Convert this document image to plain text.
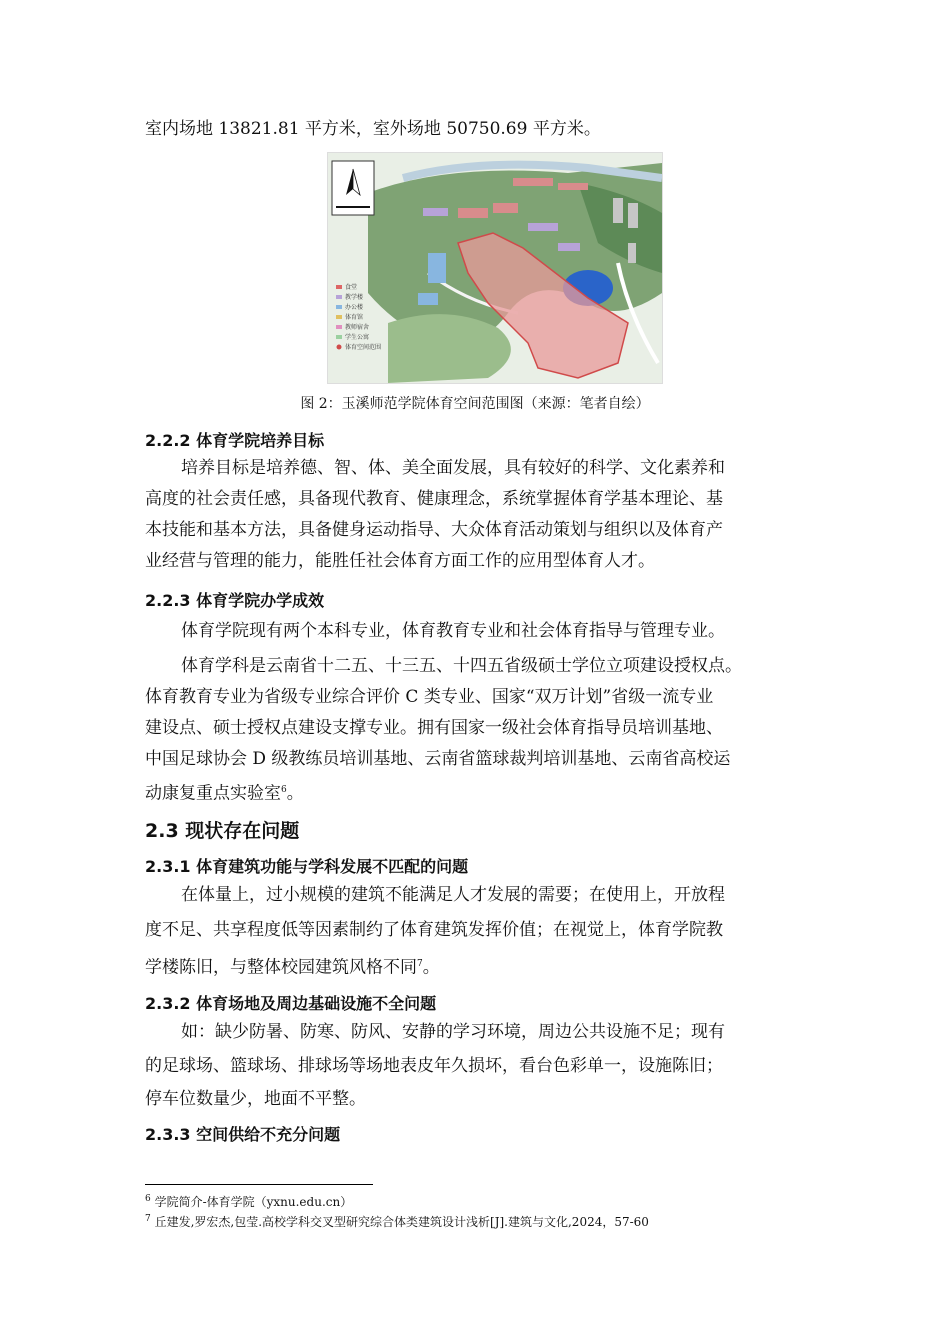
室内场地 13821.81 平方米，室外场地 50750.69 平方米。
食堂
教学楼
办公楼
体育馆
教师宿舍
学生公寓
体育空间范围
图 2：玉溪师范学院体育空间范围图（来源：笔者自绘）
2.2.2 体育学院培养目标
培养目标是培养德、智、体、美全面发展，具有较好的科学、文化素养和
高度的社会责任感，具备现代教育、健康理念，系统掌握体育学基本理论、基
本技能和基本方法，具备健身运动指导、大众体育活动策划与组织以及体育产
业经营与管理的能力，能胜任社会体育方面工作的应用型体育人才。
2.2.3 体育学院办学成效
体育学院现有两个本科专业，体育教育专业和社会体育指导与管理专业。
体育学科是云南省十二五、十三五、十四五省级硕士学位立项建设授权点。
体育教育专业为省级专业综合评价 C 类专业、国家“双万计划”省级一流专业
建设点、硕士授权点建设支撑专业。拥有国家一级社会体育指导员培训基地、
中国足球协会 D 级教练员培训基地、云南省篮球裁判培训基地、云南省高校运
动康复重点实验室$^6$。
2.3 现状存在问题
2.3.1 体育建筑功能与学科发展不匹配的问题
在体量上，过小规模的建筑不能满足人才发展的需要；在使用上，开放程
度不足、共享程度低等因素制约了体育建筑发挥价值；在视觉上，体育学院教
学楼陈旧，与整体校园建筑风格不同$^7$。
2.3.2 体育场地及周边基础设施不全问题
如：缺少防暑、防寒、防风、安静的学习环境，周边公共设施不足；现有
的足球场、篮球场、排球场等场地表皮年久损坏，看台色彩单一，设施陈旧；
停车位数量少，地面不平整。
2.3.3 空间供给不充分问题
$^6$ 学院简介-体育学院（yxnu.edu.cn）
$^7$ 丘建发,罗宏杰,包莹.高校学科交叉型研究综合体类建筑设计浅析[J].建筑与文化,2024，57-60
